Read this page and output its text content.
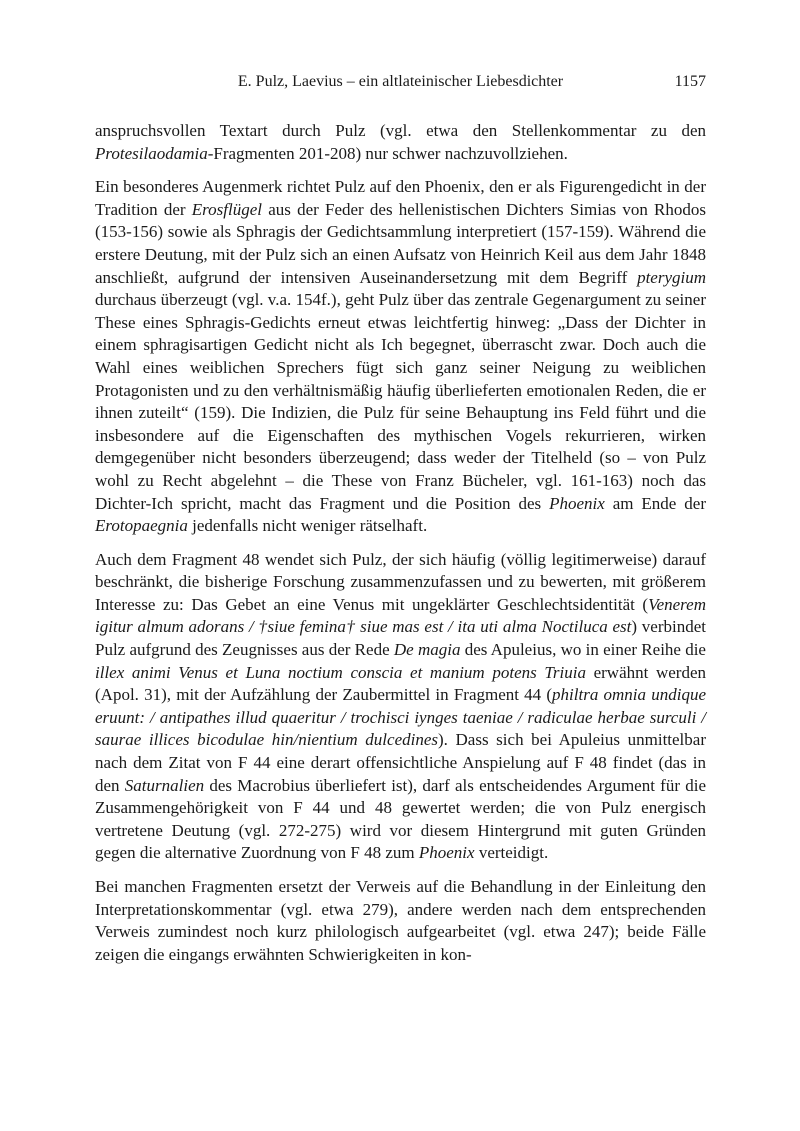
E. Pulz, Laevius – ein altlateinischer Liebesdichter	1157

anspruchsvollen Textart durch Pulz (vgl. etwa den Stellenkommentar zu den Protesilaodamia-Fragmenten 201-208) nur schwer nachzuvollziehen.

Ein besonderes Augenmerk richtet Pulz auf den Phoenix, den er als Figurengedicht in der Tradition der Erosflügel aus der Feder des hellenistischen Dichters Simias von Rhodos (153-156) sowie als Sphragis der Gedichtsammlung interpretiert (157-159). Während die erstere Deutung, mit der Pulz sich an einen Aufsatz von Heinrich Keil aus dem Jahr 1848 anschließt, aufgrund der intensiven Auseinandersetzung mit dem Begriff pterygium durchaus überzeugt (vgl. v.a. 154f.), geht Pulz über das zentrale Gegenargument zu seiner These eines Sphragis-Gedichts erneut etwas leichtfertig hinweg: „Dass der Dichter in einem sphragisartigen Gedicht nicht als Ich begegnet, überrascht zwar. Doch auch die Wahl eines weiblichen Sprechers fügt sich ganz seiner Neigung zu weiblichen Protagonisten und zu den verhältnismäßig häufig überlieferten emotionalen Reden, die er ihnen zuteilt“ (159). Die Indizien, die Pulz für seine Behauptung ins Feld führt und die insbesondere auf die Eigenschaften des mythischen Vogels rekurrieren, wirken demgegenüber nicht besonders überzeugend; dass weder der Titelheld (so – von Pulz wohl zu Recht abgelehnt – die These von Franz Bücheler, vgl. 161-163) noch das Dichter-Ich spricht, macht das Fragment und die Position des Phoenix am Ende der Erotopaegnia jedenfalls nicht weniger rätselhaft.

Auch dem Fragment 48 wendet sich Pulz, der sich häufig (völlig legitimerweise) darauf beschränkt, die bisherige Forschung zusammenzufassen und zu bewerten, mit größerem Interesse zu: Das Gebet an eine Venus mit ungeklärter Geschlechtsidentität (Venerem igitur almum adorans / †siue femina† siue mas est / ita uti alma Noctiluca est) verbindet Pulz aufgrund des Zeugnisses aus der Rede De magia des Apuleius, wo in einer Reihe die illex animi Venus et Luna noctium conscia et manium potens Triuia erwähnt werden (Apol. 31), mit der Aufzählung der Zaubermittel in Fragment 44 (philtra omnia undique eruunt: / antipathes illud quaeritur / trochisci iynges taeniae / radiculae herbae surculi / saurae illices bicodulae hin/nientium dulcedines). Dass sich bei Apuleius unmittelbar nach dem Zitat von F 44 eine derart offensichtliche Anspielung auf F 48 findet (das in den Saturnalien des Macrobius überliefert ist), darf als entscheidendes Argument für die Zusammengehörigkeit von F 44 und 48 gewertet werden; die von Pulz energisch vertretene Deutung (vgl. 272-275) wird vor diesem Hintergrund mit guten Gründen gegen die alternative Zuordnung von F 48 zum Phoenix verteidigt.

Bei manchen Fragmenten ersetzt der Verweis auf die Behandlung in der Einleitung den Interpretationskommentar (vgl. etwa 279), andere werden nach dem entsprechenden Verweis zumindest noch kurz philologisch aufgearbeitet (vgl. etwa 247); beide Fälle zeigen die eingangs erwähnten Schwierigkeiten in kon-
